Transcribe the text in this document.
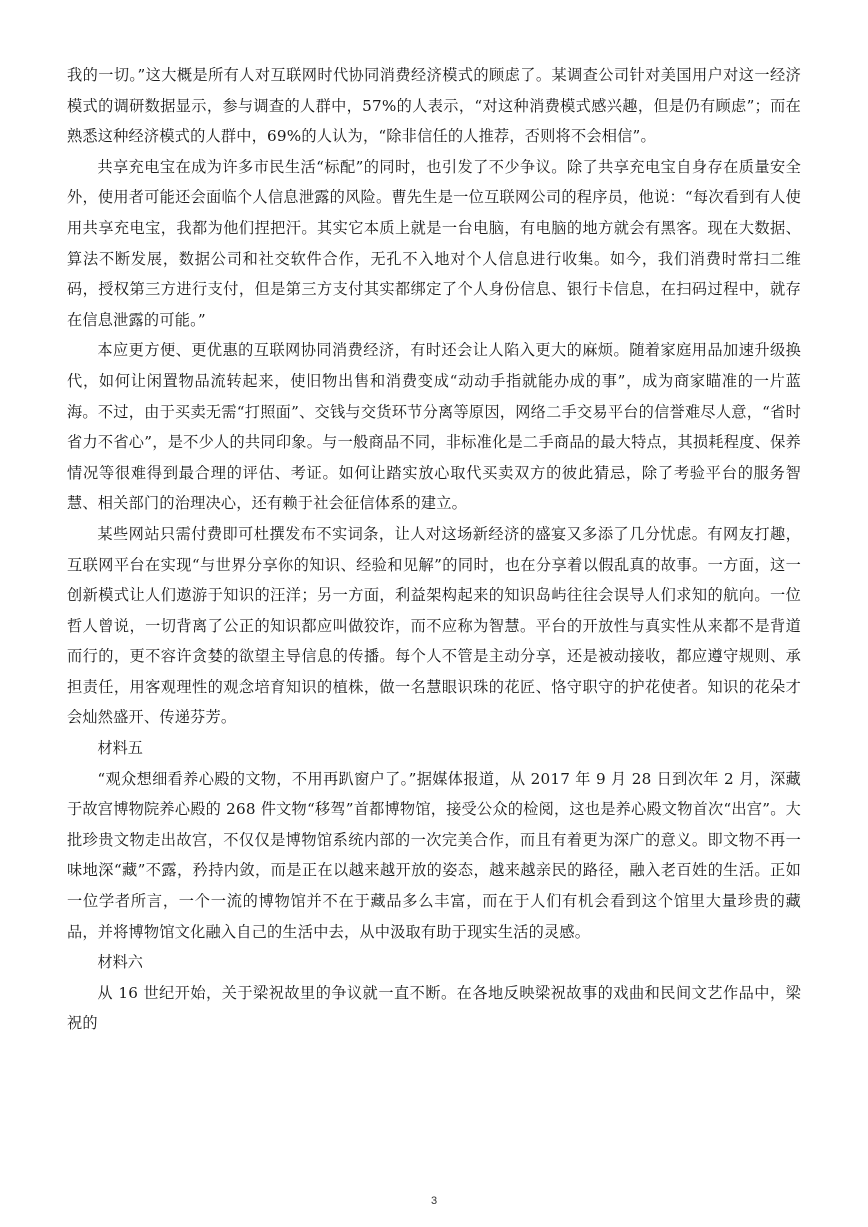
我的一切。”这大概是所有人对互联网时代协同消费经济模式的顾虑了。某调查公司针对美国用户对这一经济模式的调研数据显示，参与调查的人群中，57%的人表示，“对这种消费模式感兴趣，但是仍有顾虑”；而在熟悉这种经济模式的人群中，69%的人认为，“除非信任的人推荐，否则将不会相信”。

共享充电宝在成为许多市民生活“标配”的同时，也引发了不少争议。除了共享充电宝自身存在质量安全外，使用者可能还会面临个人信息泄露的风险。曹先生是一位互联网公司的程序员，他说：“每次看到有人使用共享充电宝，我都为他们捏把汗。其实它本质上就是一台电脑，有电脑的地方就会有黑客。现在大数据、算法不断发展，数据公司和社交软件合作，无孔不入地对个人信息进行收集。如今，我们消费时常扫二维码，授权第三方进行支付，但是第三方支付其实都绑定了个人身份信息、银行卡信息，在扫码过程中，就存在信息泄露的可能。”

本应更方便、更优惠的互联网协同消费经济，有时还会让人陷入更大的麻烦。随着家庭用品加速升级换代，如何让闲置物品流转起来，使旧物出售和消费变成“动动手指就能办成的事”，成为商家瞄准的一片蓝海。不过，由于买卖无需“打照面”、交钱与交货环节分离等原因，网络二手交易平台的信誉难尽人意，“省时省力不省心”，是不少人的共同印象。与一般商品不同，非标准化是二手商品的最大特点，其损耗程度、保养情况等很难得到最合理的评估、考证。如何让踏实放心取代买卖双方的彼此猜忌，除了考验平台的服务智慧、相关部门的治理决心，还有赖于社会征信体系的建立。

某些网站只需付费即可杜撰发布不实词条，让人对这场新经济的盛宴又多添了几分忧虑。有网友打趣，互联网平台在实现“与世界分享你的知识、经验和见解”的同时，也在分享着以假乱真的故事。一方面，这一创新模式让人们遨游于知识的汪洋；另一方面，利益架构起来的知识岛屿往往会误导人们求知的航向。一位哲人曾说，一切背离了公正的知识都应叫做狡诈，而不应称为智慧。平台的开放性与真实性从来都不是背道而行的，更不容许贪婪的欲望主导信息的传播。每个人不管是主动分享，还是被动接收，都应遵守规则、承担责任，用客观理性的观念培育知识的植株，做一名慧眼识珠的花匠、恪守职守的护花使者。知识的花朵才会灿然盛开、传递芬芳。

材料五

“观众想细看养心殿的文物，不用再趴窗户了。”据媒体报道，从 2017 年 9 月 28 日到次年 2 月，深藏于故宫博物院养心殿的 268 件文物“移驾”首都博物馆，接受公众的检阅，这也是养心殿文物首次“出宫”。大批珍贵文物走出故宫，不仅仅是博物馆系统内部的一次完美合作，而且有着更为深广的意义。即文物不再一味地深“藏”不露，矜持内敛，而是正在以越来越开放的姿态，越来越亲民的路径，融入老百姓的生活。正如一位学者所言，一个一流的博物馆并不在于藏品多么丰富，而在于人们有机会看到这个馆里大量珍贵的藏品，并将博物馆文化融入自己的生活中去，从中汲取有助于现实生活的灵感。

材料六

从 16 世纪开始，关于梁祝故里的争议就一直不断。在各地反映梁祝故事的戏曲和民间文艺作品中，梁祝的

3
